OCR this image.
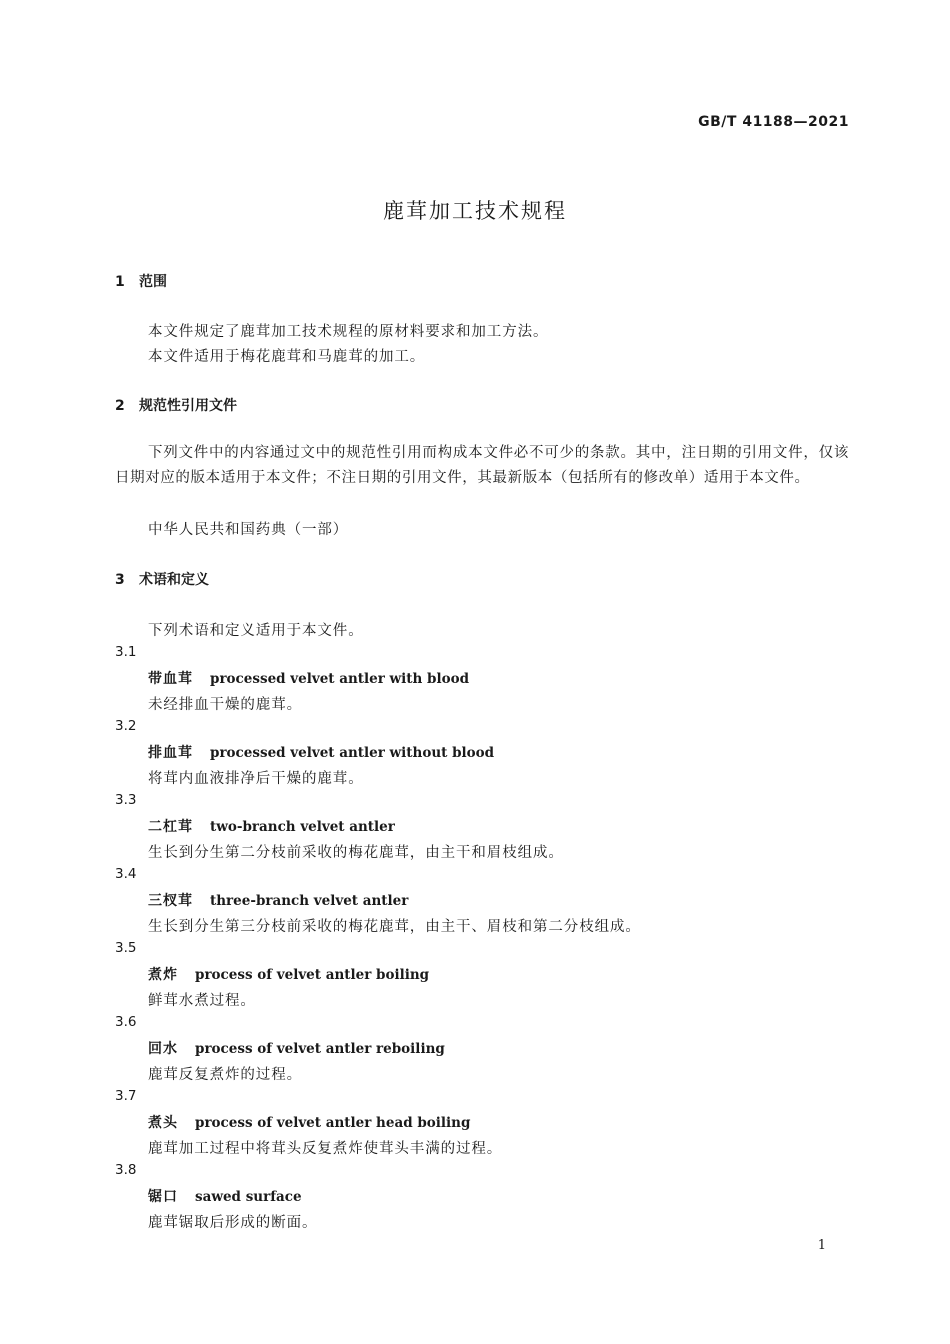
GB/T 41188—2021
鹿茸加工技术规程
1 范围
本文件规定了鹿茸加工技术规程的原材料要求和加工方法。
本文件适用于梅花鹿茸和马鹿茸的加工。
2 规范性引用文件
下列文件中的内容通过文中的规范性引用而构成本文件必不可少的条款。其中，注日期的引用文件，仅该日期对应的版本适用于本文件；不注日期的引用文件，其最新版本（包括所有的修改单）适用于本文件。
中华人民共和国药典（一部）
3 术语和定义
下列术语和定义适用于本文件。
3.1
带血茸 processed velvet antler with blood
未经排血干燥的鹿茸。
3.2
排血茸 processed velvet antler without blood
将茸内血液排净后干燥的鹿茸。
3.3
二杠茸 two-branch velvet antler
生长到分生第二分枝前采收的梅花鹿茸，由主干和眉枝组成。
3.4
三杈茸 three-branch velvet antler
生长到分生第三分枝前采收的梅花鹿茸，由主干、眉枝和第二分枝组成。
3.5
煮炸 process of velvet antler boiling
鲜茸水煮过程。
3.6
回水 process of velvet antler reboiling
鹿茸反复煮炸的过程。
3.7
煮头 process of velvet antler head boiling
鹿茸加工过程中将茸头反复煮炸使茸头丰满的过程。
3.8
锯口 sawed surface
鹿茸锯取后形成的断面。
1
